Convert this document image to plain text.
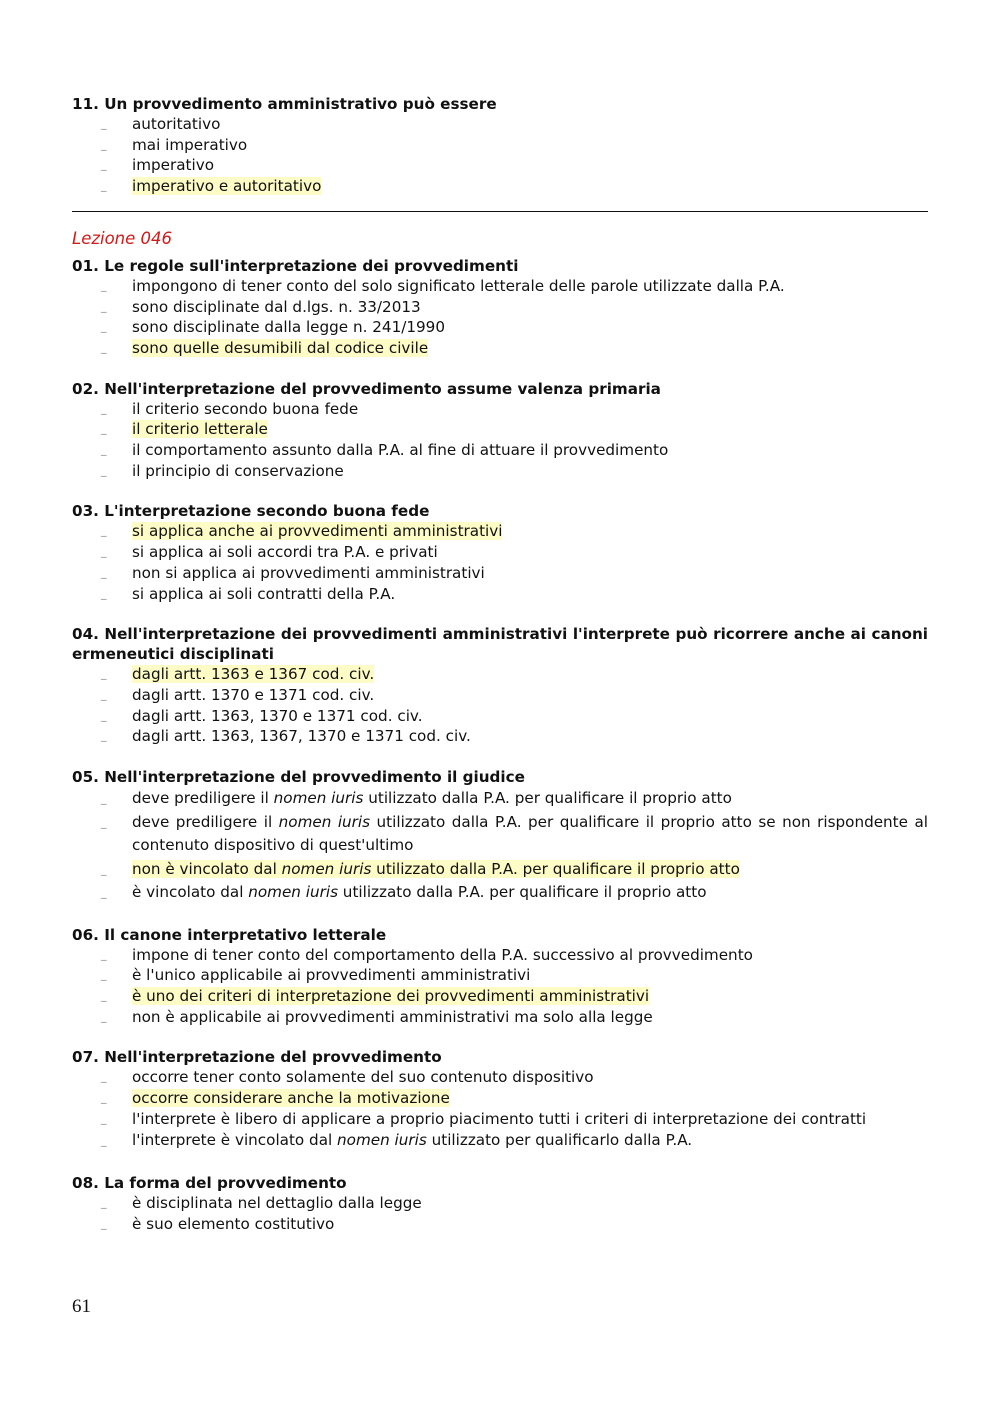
11. Un provvedimento amministrativo può essere

_ autoritativo
_ mai imperativo
_ imperativo
_ imperativo e autoritativo
Lezione 046

01. Le regole sull'interpretazione dei provvedimenti

_ impongono di tener conto del solo significato letterale delle parole utilizzate dalla P.A.
_ sono disciplinate dal d.lgs. n. 33/2013
_ sono disciplinate dalla legge n. 241/1990
_ sono quelle desumibili dal codice civile

02. Nell'interpretazione del provvedimento assume valenza primaria

_ il criterio secondo buona fede
_ il criterio letterale
_ il comportamento assunto dalla P.A. al fine di attuare il provvedimento
_ il principio di conservazione

03. L'interpretazione secondo buona fede

_ si applica anche ai provvedimenti amministrativi
_ si applica ai soli accordi tra P.A. e privati
_ non si applica ai provvedimenti amministrativi
_ si applica ai soli contratti della P.A.

04. Nell'interpretazione dei provvedimenti amministrativi l'interprete può ricorrere anche ai canoni ermeneutici disciplinati

_ dagli artt. 1363 e 1367 cod. civ.
_ dagli artt. 1370 e 1371 cod. civ.
_ dagli artt. 1363, 1370 e 1371 cod. civ.
_ dagli artt. 1363, 1367, 1370 e 1371 cod. civ.

05. Nell'interpretazione del provvedimento il giudice

_ deve prediligere il nomen iuris utilizzato dalla P.A. per qualificare il proprio atto
_ deve prediligere il nomen iuris utilizzato dalla P.A. per qualificare il proprio atto se non rispondente al contenuto dispositivo di quest'ultimo
_ non è vincolato dal nomen iuris utilizzato dalla P.A. per qualificare il proprio atto
_ è vincolato dal nomen iuris utilizzato dalla P.A. per qualificare il proprio atto

06. Il canone interpretativo letterale

_ impone di tener conto del comportamento della P.A. successivo al provvedimento
_ è l'unico applicabile ai provvedimenti amministrativi
_ è uno dei criteri di interpretazione dei provvedimenti amministrativi
_ non è applicabile ai provvedimenti amministrativi ma solo alla legge

07. Nell'interpretazione del provvedimento

_ occorre tener conto solamente del suo contenuto dispositivo
_ occorre considerare anche la motivazione
_ l'interprete è libero di applicare a proprio piacimento tutti i criteri di interpretazione dei contratti
_ l'interprete è vincolato dal nomen iuris utilizzato per qualificarlo dalla P.A.

08. La forma del provvedimento

_ è disciplinata nel dettaglio dalla legge
_ è suo elemento costitutivo
61
